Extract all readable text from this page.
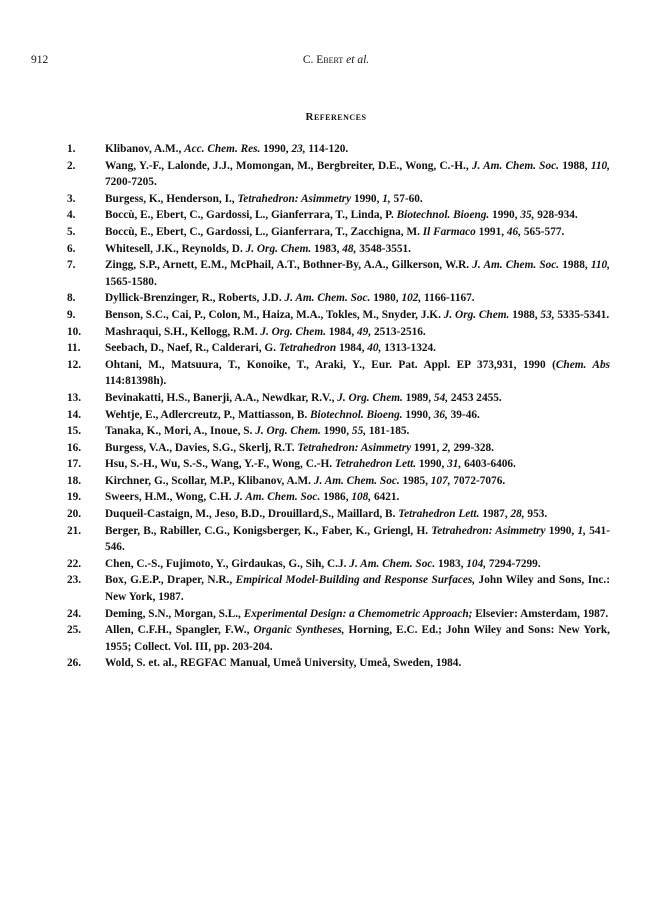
912	C. Ebert et al.
References
1.	Klibanov, A.M., Acc. Chem. Res. 1990, 23, 114-120.
2.	Wang, Y.-F., Lalonde, J.J., Momongan, M., Bergbreiter, D.E., Wong, C.-H., J. Am. Chem. Soc. 1988, 110, 7200-7205.
3.	Burgess, K., Henderson, I., Tetrahedron: Asimmetry 1990, 1, 57-60.
4.	Boccù, E., Ebert, C., Gardossi, L., Gianferrara, T., Linda, P. Biotechnol. Bioeng. 1990, 35, 928-934.
5.	Boccù, E., Ebert, C., Gardossi, L., Gianferrara, T., Zacchigna, M. Il Farmaco 1991, 46, 565-577.
6.	Whitesell, J.K., Reynolds, D. J. Org. Chem. 1983, 48, 3548-3551.
7.	Zingg, S.P., Arnett, E.M., McPhail, A.T., Bothner-By, A.A., Gilkerson, W.R. J. Am. Chem. Soc. 1988, 110, 1565-1580.
8.	Dyllick-Brenzinger, R., Roberts, J.D. J. Am. Chem. Soc. 1980, 102, 1166-1167.
9.	Benson, S.C., Cai, P., Colon, M., Haiza, M.A., Tokles, M., Snyder, J.K. J. Org. Chem. 1988, 53, 5335-5341.
10.	Mashraqui, S.H., Kellogg, R.M. J. Org. Chem. 1984, 49, 2513-2516.
11.	Seebach, D., Naef, R., Calderari, G. Tetrahedron 1984, 40, 1313-1324.
12.	Ohtani, M., Matsuura, T., Konoike, T., Araki, Y., Eur. Pat. Appl. EP 373,931, 1990 (Chem. Abs 114:81398h).
13.	Bevinakatti, H.S., Banerji, A.A., Newdkar, R.V., J. Org. Chem. 1989, 54, 2453 2455.
14.	Wehtje, E., Adlercreutz, P., Mattiasson, B. Biotechnol. Bioeng. 1990, 36, 39-46.
15.	Tanaka, K., Mori, A., Inoue, S. J. Org. Chem. 1990, 55, 181-185.
16.	Burgess, V.A., Davies, S.G., Skerlj, R.T. Tetrahedron: Asimmetry 1991, 2, 299-328.
17.	Hsu, S.-H., Wu, S.-S., Wang, Y.-F., Wong, C.-H. Tetrahedron Lett. 1990, 31, 6403-6406.
18.	Kirchner, G., Scollar, M.P., Klibanov, A.M. J. Am. Chem. Soc. 1985, 107, 7072-7076.
19.	Sweers, H.M., Wong, C.H. J. Am. Chem. Soc. 1986, 108, 6421.
20.	Duqueil-Castaign, M., Jeso, B.D., Drouillard,S., Maillard, B. Tetrahedron Lett. 1987, 28, 953.
21.	Berger, B., Rabiller, C.G., Konigsberger, K., Faber, K., Griengl, H. Tetrahedron: Asimmetry 1990, 1, 541-546.
22.	Chen, C.-S., Fujimoto, Y., Girdaukas, G., Sih, C.J. J. Am. Chem. Soc. 1983, 104, 7294-7299.
23.	Box, G.E.P., Draper, N.R., Empirical Model-Building and Response Surfaces, John Wiley and Sons, Inc.: New York, 1987.
24.	Deming, S.N., Morgan, S.L., Experimental Design: a Chemometric Approach; Elsevier: Amsterdam, 1987.
25.	Allen, C.F.H., Spangler, F.W., Organic Syntheses, Horning, E.C. Ed.; John Wiley and Sons: New York, 1955; Collect. Vol. III, pp. 203-204.
26.	Wold, S. et. al., REGFAC Manual, Umeå University, Umeå, Sweden, 1984.
